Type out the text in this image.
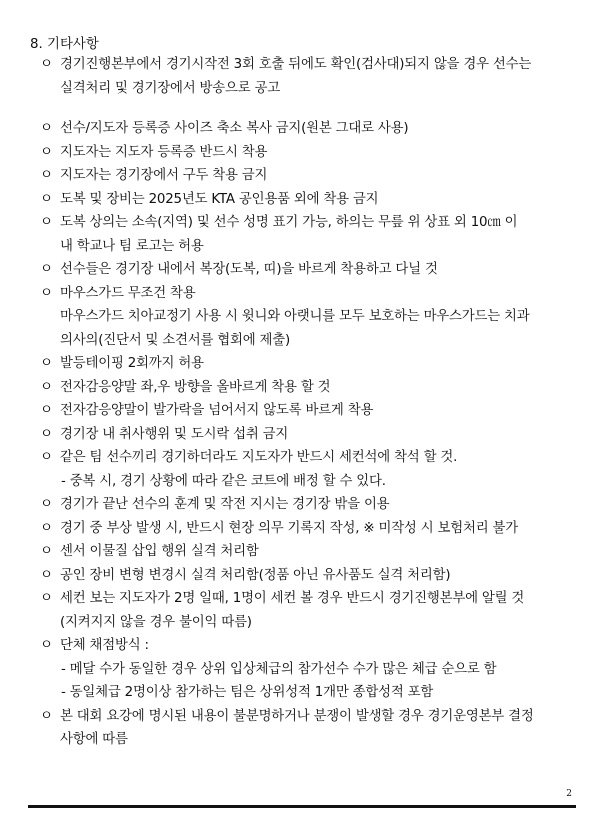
8. 기타사항
ㅇ 경기진행본부에서 경기시작전 3회 호출 뒤에도 확인(검사대)되지 않을 경우 선수는
실격처리 및 경기장에서 방송으로 공고
ㅇ 선수/지도자 등록증 사이즈 축소 복사 금지(원본 그대로 사용)
ㅇ 지도자는 지도자 등록증 반드시 착용
ㅇ 지도자는 경기장에서 구두 착용 금지
ㅇ 도복 및 장비는 2025년도 KTA 공인용품 외에 착용 금지
ㅇ 도복 상의는 소속(지역) 및 선수 성명 표기 가능, 하의는 무릎 위 상표 외 10㎝ 이
내 학교나 팀 로고는 허용
ㅇ 선수들은 경기장 내에서 복장(도복, 띠)을 바르게 착용하고 다닐 것
ㅇ 마우스가드 무조건 착용
마우스가드 치아교정기 사용 시 윗니와 아랫니를 모두 보호하는 마우스가드는 치과
의사의(진단서 및 소견서를 협회에 제출)
ㅇ 발등테이핑 2회까지 허용
ㅇ 전자감응양말 좌,우 방향을 올바르게 착용 할 것
ㅇ 전자감응양말이 발가락을 넘어서지 않도록 바르게 착용
ㅇ 경기장 내 취사행위 및 도시락 섭취 금지
ㅇ 같은 팀 선수끼리 경기하더라도 지도자가 반드시 세컨석에 착석 할 것.
- 중복 시, 경기 상황에 따라 같은 코트에 배정 할 수 있다.
ㅇ 경기가 끝난 선수의 훈계 및 작전 지시는 경기장 밖을 이용
ㅇ 경기 중 부상 발생 시, 반드시 현장 의무 기록지 작성, ※ 미작성 시 보험처리 불가
ㅇ 센서 이물질 삽입 행위 실격 처리함
ㅇ 공인 장비 변형 변경시 실격 처리함(정품 아닌 유사품도 실격 처리함)
ㅇ 세컨 보는 지도자가 2명 일때, 1명이 세컨 볼 경우 반드시 경기진행본부에 알릴 것
(지켜지지 않을 경우 불이익 따름)
ㅇ 단체 채점방식 :
- 메달 수가 동일한 경우 상위 입상체급의 참가선수 수가 많은 체급 순으로 함
- 동일체급 2명이상 참가하는 팀은 상위성적 1개만 종합성적 포함
ㅇ 본 대회 요강에 명시된 내용이 불분명하거나 분쟁이 발생할 경우 경기운영본부 결정
사항에 따름
2
